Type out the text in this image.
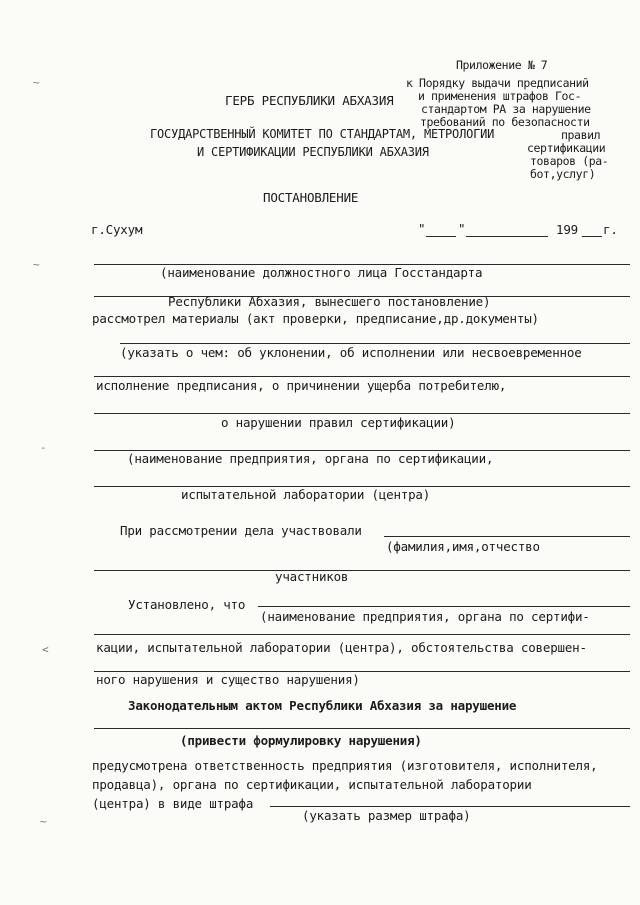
Приложение № 7
к Порядку выдачи предписаний
и применения штрафов Гос-
стандартом РА за нарушение
требований по безопасности
правил
сертификации
товаров (ра-
бот,услуг)
ГЕРБ РЕСПУБЛИКИ АБХАЗИЯ
ГОСУДАРСТВЕННЫЙ КОМИТЕТ ПО СТАНДАРТАМ, МЕТРОЛОГИИ
И СЕРТИФИКАЦИИ РЕСПУБЛИКИ АБХАЗИЯ
ПОСТАНОВЛЕНИЕ
г.Сухум	"	"	199 г.
(наименование должностного лица Госстандарта
Республики Абхазия, вынесшего постановление)
рассмотрел материалы (акт проверки, предписание,др.документы)
(указать о чем: об уклонении, об исполнении или несвоевременное
исполнение предписания, о причинении ущерба потребителю,
о нарушении правил сертификации)
(наименование предприятия, органа по сертификации,
испытательной лаборатории (центра)
При рассмотрении дела участвовали
(фамилия,имя,отчество
участников
Установлено, что
(наименование предприятия, органа по сертифи-
кации, испытательной лаборатории (центра), обстоятельства совершен-
ного нарушения и существо нарушения)
Законодательным актом Республики Абхазия за нарушение
(привести формулировку нарушения)
предусмотрена ответственность предприятия (изготовителя, исполнителя,
продавца), органа по сертификации, испытательной лаборатории
(центра) в виде штрафа
(указать размер штрафа)
~
~
-
<
~
